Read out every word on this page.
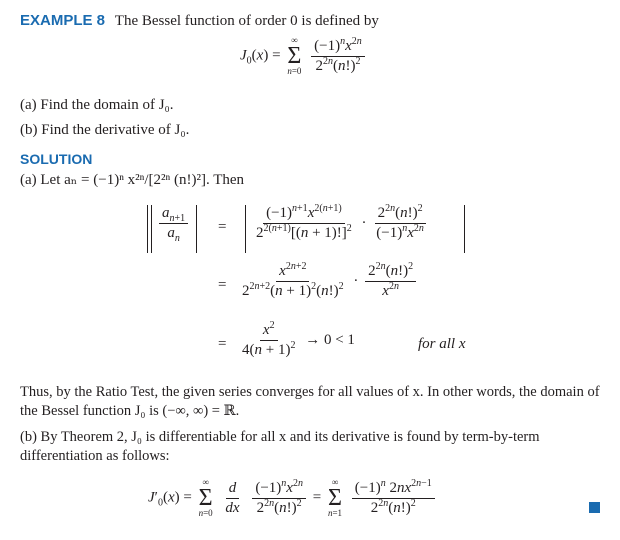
EXAMPLE 8 The Bessel function of order 0 is defined by
$J_0(x)$ =
∞
Σ
n=0
$\frac{(-1)^nx^{2n}}{2^{2n}(n!)^2}$
(a) Find the domain of J₀.
(b) Find the derivative of J₀.
SOLUTION
(a) Let aₙ = (−1)ⁿ x²ⁿ/[2²ⁿ (n!)²]. Then
$\frac{a_{n+1}}{a_n} = \frac{(-1)^{n+1}x^{2(n+1)}}{2^{2(n+1)}[(n + 1)!]^2} \cdot \frac{2^{2n}(n!)^2}{(-1)^nx^{2n}}$
= $\frac{x^{2n+2}}{2^{2n+2}(n + 1)^2(n!)^2} \cdot \frac{2^{2n}(n!)^2}{x^{2n}}$
= $\frac{x^2}{4(n + 1)^2} \to 0 < 1$	for all x
Thus, by the Ratio Test, the given series converges for all values of x. In other words, the domain of the Bessel function J₀ is (−∞, ∞) = ℝ.
(b) By Theorem 2, J₀ is differentiable for all x and its derivative is found by term-by-term differentiation as follows:
$J'_0(x)$ =
∞
Σ
n=0
$\frac{d}{dx}$
$\frac{(-1)^nx^{2n}}{2^{2n}(n!)^2}$ =
∞
Σ
n=1
$\frac{(-1)^n 2nx^{2n-1}}{2^{2n}(n!)^2}$
